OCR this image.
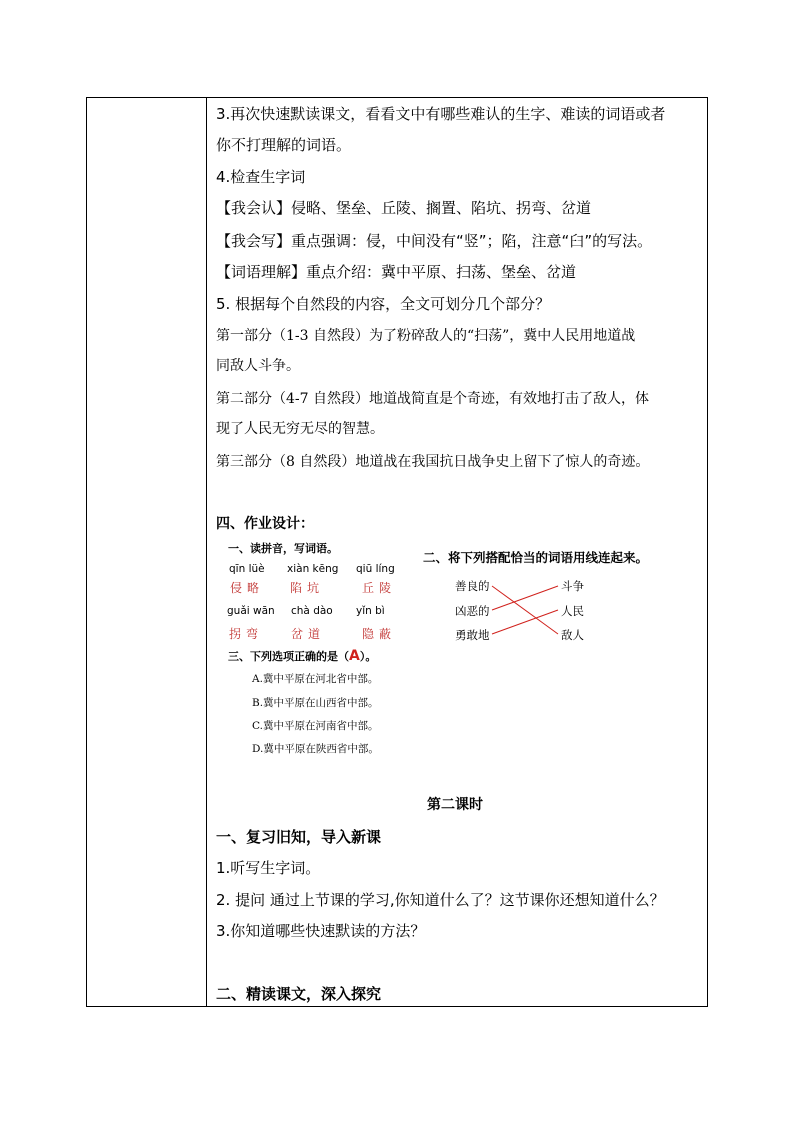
3.再次快速默读课文，看看文中有哪些难认的生字、难读的词语或者
你不打理解的词语。
4.检查生字词
【我会认】侵略、堡垒、丘陵、搁置、陷坑、拐弯、岔道
【我会写】重点强调：侵，中间没有“竖”；陷，注意“臼”的写法。
【词语理解】重点介绍：冀中平原、扫荡、堡垒、岔道
5. 根据每个自然段的内容，全文可划分几个部分？
第一部分（1-3 自然段）为了粉碎敌人的“扫荡”，冀中人民用地道战
同敌人斗争。
第二部分（4-7 自然段）地道战简直是个奇迹，有效地打击了敌人，体
现了人民无穷无尽的智慧。
第三部分（8 自然段）地道战在我国抗日战争史上留下了惊人的奇迹。
四、作业设计：
一、读拼音，写词语。
qīn lüè xiàn kēng qiū líng
侵略 陷坑	丘陵
guǎi wān chà dào yǐn bì
拐弯 岔道	隐蔽
三、下列选项正确的是（A）。
A.冀中平原在河北省中部。
B.冀中平原在山西省中部。
C.冀中平原在河南省中部。
D.冀中平原在陕西省中部。
二、将下列搭配恰当的词语用线连起来。
善良的
凶恶的
勇敢地
斗争
人民
敌人
第二课时
一、复习旧知，导入新课
1.听写生字词。
2. 提问 通过上节课的学习,你知道什么了？这节课你还想知道什么？
3.你知道哪些快速默读的方法？
二、精读课文，深入探究
